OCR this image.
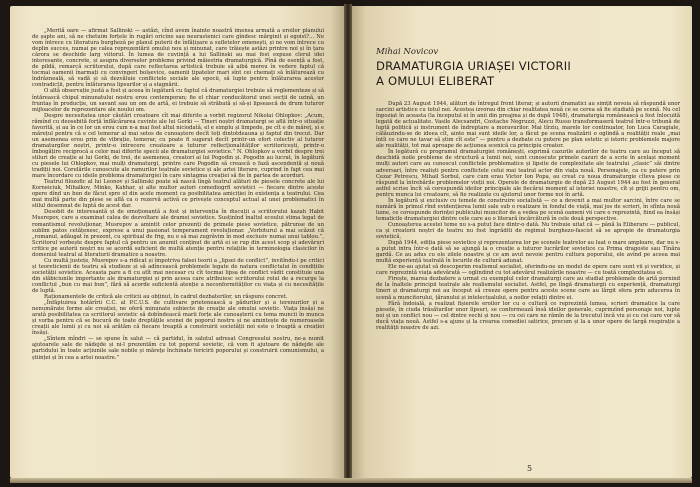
„Merită oare — afirmat Sallinski — astăzi, cînd avem înainte noastră imensa armată a eroilor planului de șapte ani, să ne chetuim forțele în rugări oricine sau neurastenici care gîndesc mărginit și egoist?... Ne vom întrece cu literatura burgheză pe planul puterii de înfățișare a sufletelor omenești, și ne vom întrece cu deplin succes, numai pe calea reprezentării omului nou și minunat, care trăiește astăzi printre noi și în țara cărora se deschide larg viitorul. În lumea de cuviință a lui Sallinski au mai fost expuse clerul idei interesante, concrete, și asupra diverselor probleme privind măiestria dramaturgică. Pînă de esență a fost, de pildă, remarcă scriitorului, după care reflectarea artistică trebuie să aibă mereu în vedere faptul că tocmai oamenii înarmați cu convingeri bolșevice, oamenii țipatelor mari sînt cei chemați să înlăturează cu îndrăzneală, să vadă și să dezvăluie conflictele sociale ale epocii, să lupte pentru înlăturarea acestor contradicții, pentru înlăturarea lipsurilor și a stagnării.

O altă observație justă a fost și aceea în legătură cu faptul că dramaturgiei trebuie să reglementeze și să întărească chipul minunatului nostru erou contemporan; fie el chiar conducătorul unei secții de uzină, un fruntaș în producție, un savant sau un om de artă, ei trebuie să străbată și să-și lipsească de drum tuturor mijloacelor de reprezentare ale noului om.

Despre necesitatea unor căutări creatoare cît mai diferite a vorbit regizorul Nikolai Ohlopkov: „Acum, rămînd cu deosebită forță înflăcărarea cuvinte ale lui Gorki — Tineri noștri dramaturgi se află într-o situație favorită, și au în ce lor un erou cum n-a mai fost altul niciodată, el e simplu și limpede, pe cît e de măreț, și e mărețul pentru că e cel temerar al mai setos de cunoaștere decît toți dintotdeauna și faptul din trecut. Dar un asemenea erou prin de vibrație, temerar, cu poate fi sugerat decît printr-un efort colectiv al tuturor dramaturgilor noștri, printr-o întrecere creatoare a tuturor reflecționalităților scriitoricești, printr-o îmbogățire reciprocă a celor mai diferite specii ale dramaturgiei sovietice.” N. Ohlopkov a vorbit despre trei stiluri de creație ai lui Gorki, de trei, de asemenea, creatori ai lui Pogodin și. Pogodin au lucrat, în legătură cu piesele lui Ohlopkov, mai mulți dramaturgi, printre care Pogodin să crească o fază ascendentă și nouă tradiții noi. Corelările cunoscute ale ramurilor teatrale sovietice și ale artei literare, cuprind în fapt cea mai mare încordare cu ideile problema dramaturgiei în care sintagma creației să fie în partea de acorduri.

Teatrul filozofic al lui Leonov și Sallinski poate să nască lîngă teatrul alături de piesele concrete ale lui Korneiciuk, Mihalkov, Minko, Kahhar, și alte multor autori comediogrfi sovietici — fiecare dintre aceste opere dînd un bun de făcut spre el din acele moment ca posibilitatea amiciției în existența a teatrului. Cea mai multă parte din piese se află ca o rezervă activă ce privește conceptul actual al unei problematici în stilul desemnat de luptă de acest dar.

Desobit de interesantă și de emoționantă a fost și intervenția în discuții a scriitorului kazah Habit Musrepov, care a examinat calea de dezvoltare ale dramei sovietice. Susținînd înaltul ecoului stima legat de romantismul revoluționar, Musrepov a amintit celor prezenți de primele piese sovietice, pătrunse de un sublim patos cetățenesc, exprese a unui pasionat temperament revoluționar. „Vorbiturul a mai scăzut că „romanul, adăugat în prezent, cu spiritual de frig, nu o să mai zugrăvim în mod exclusiv numai unui tablou.”, Scriitorul vorbește despre faptul că pentru un anumit conținut de artă ei se rup din acest scop și adevăruri critice pe autorii noștri nu se acordă suficient de multă atenție pentru relațiile în terminologia clasicilor în domeniul teatral al literaturii dramatice a noastre.

Cu multă justețe, Musrepov s-a ridicat și împotriva falsei teorii a „lipsei de conflict”, invitîndu-i pe critici și teoreticienii de teatru să studieze și să adîncească problemele legate de natura conflictului în condițiile societății sovietice. Aceasta pare a fi cu atît mai necesar cu cît tocmai lipsa de conflict vădit constituie una din slăbiciunile importante ale dramaturgiei și prin aceea care atribuiesc scriitorului rolul de a recurge la conflictul „bun cu mai bun”, fără să acorde suficientă atenție a neconformităților cu viața și cu necesitățile de luptă.

Raționamentele de critică ale criticii au obținut, în cadrul dezbaterilor, un răspuns concret.

„Înfăptuirea hotărîrii C.C. al P.C.U.S. de cultivare prietenească a pădurilor și a terenurilor și a nenumărate forme ale creației, ne oferă minunate subiecte de creație ale omului sovietic. Viața însăși ne arată posibilitatea ca scriitorul sovietic să dobîndească marii forțe ale cunoașterii cu tema muncii în munca și vorba pentru că se bucură de toate dreptățile scenei de poporul nostru și ne amintește de numeroasele creații ale lumii și cu noi să arătăm că fiecare treaptă a construirii societății noi este o treaptă a creației însăși.

„Sîntem mîndri — se spune în salut — că partidul, în salutul adresat Congresului nostru, ne-a numit ajutoarele sale de nădejde și ni-l prezentăm cu tot poporul sovietic, că vom fi ajutoare de nădejde ale partidului în toate acțiunile sale nobile și măreţe închinate fericirii poporului și construirii comunismului, a științei și în cea a artei noastre.”

Mihai Novicov
DRAMATURGIA URIAȘEI VICTORII
A OMULUI ELIBERAT

După 23 August 1944, alături de întregul front literar, și autorii dramatici au simțit nevoia să răspundă unor sarcini artistice cu totul noi. Acestea izvorau din chiar realitatea nouă ce se cerea să fie studiată pe scenă. Nu cel înpoziat în aceasta (la începutul ei în anii din preajma și de după 1948), dramaturgia românească a fost înlocuită legată de actualitate. Vasile Alecsandri, Costache Negruzzi, Alecu Russo transformaseră teatrul într-o tribună de luptă politică și instrument de îndreptare a moravurilor. Mai tîrziu, marele lor continuator, Ion Luca Caragiale, călăuzindu-se de ideea cît, ainte mai sunt ideile lor, a făcut pe scena realizării o oglindă a realității reale „mai întîi ce care ne tavar să știm cît este” — pentru a dezbate cu putere pe plan estetic și istoric problemele majore ale realității, tot mai aproape de acțiunea scenică ca principiu creator.

În legătură cu programul dramaturgiei românești, exprimă cazurile autorilor de teatru care au început să deschidă noile probleme de structură a lumii noi, sunt cunoscute primele cazuri de a scrie în același moment mulți autori care au cunoscut conflictele problematice și lipsite de complexitate ale teatrului „clasic” săi dintre adversari, între realiști pentru conflictele celui mai teatral actor din viața nouă. Personajele, ca cu putere prin Cezar Petrescu, Mihail Sorbul, care cum erau Victor Ion Popa, au creat cu noua dramaturgie cîteva piese ce răspund la întrebările problemelor vieții noi. Operele de dramaturgie de după 23 August 1944 au fost în general astfel scrise încît să corespundă ideilor principale ale fiecărui moment al istoriei noastre, cît și grijii pentru om, pentru munca lui creatoare, să fie realizate cu ajutorul unor forme noi în artă.

În legătură și exclusiv cu temele de construire socialistă — ce a devenit a mai multor sarcini, între care se numără în primul rînd evidențierea lumii sale sub o realizare în fondul de viață, mai jos de scrieri, în sfînta nouă lume, ce corespunde dorinței publicului muncitor de a vedea pe scenă oameni vii care o reprezintă, fiind ea însăși tematicile dramaturgiei dintre cele care au o literară încărcătură în cele două perspective.

Cunoașterea acestei teme nu s-a putut face dintr-o dată. Nu trebuie uitat că — până la Eliberare — publicul, ca și creatorii noștri de teatru nu fost îngrăditi de regimul burghezo-fascist să se apropie de dramaturgia sovietică.

După 1944, ediția piese sovietice și reprezentarea lor pe scenele teatrelor au luat o mare amploare, dar nu s-a putut intra într-o dată să se ajungă la o creație a tuturor lucrărilor sovietice ca Prima dragoste sau Tînăra gardă. Ce au adus cu ele zilele noastre și ce am avut nevoie pentru cultura poporului, ele avînd pe aceea mai multă experiență teatrală în locurile de cultură adunat.

Ele ne-au ajutat să descoperim realismul socialist, oferindu-ne un model de opere care sunt vii și veridice, și care reprezintă viața adevărată — oglindind cu tot adevărul realizările noastre — cu toată complexitatea ei.

Firește, marea dezbatere a urmat cu exemplul celor dramaturgi care au studiat problemele de artă pornind de la înaltele principii teatrale ale realismului socialist. Astfel, pe lîngă dramaturgii cu experiență, dramaturgi tineri și dramaturgi noi au început să creeze opere pentru aceste scene care au lărgit sfera prin aducerea în scenă a muncitorului, țăranului și intelectualului, a noilor relații dintre ei.

Fără îndoială, a realizat fișierele eroilor lor cu o cultură ce reprezintă lumea, scrieri dramatice la care piesele, în ciuda trăsăturilor unor lipsuri, se conformează însă ideilor generale, cuprinzînd personaje noi, lupte noi și un conflict nou — cel dintre vechi și nou — cu cei care ne rămîn de la trecutul încă viu și cu cei care vor să ducă viața nouă. Astfel s-a ajuns și la crearea comediei satirice, precum și la a unor opere de largă respirație a realității noastre de azi.

5
